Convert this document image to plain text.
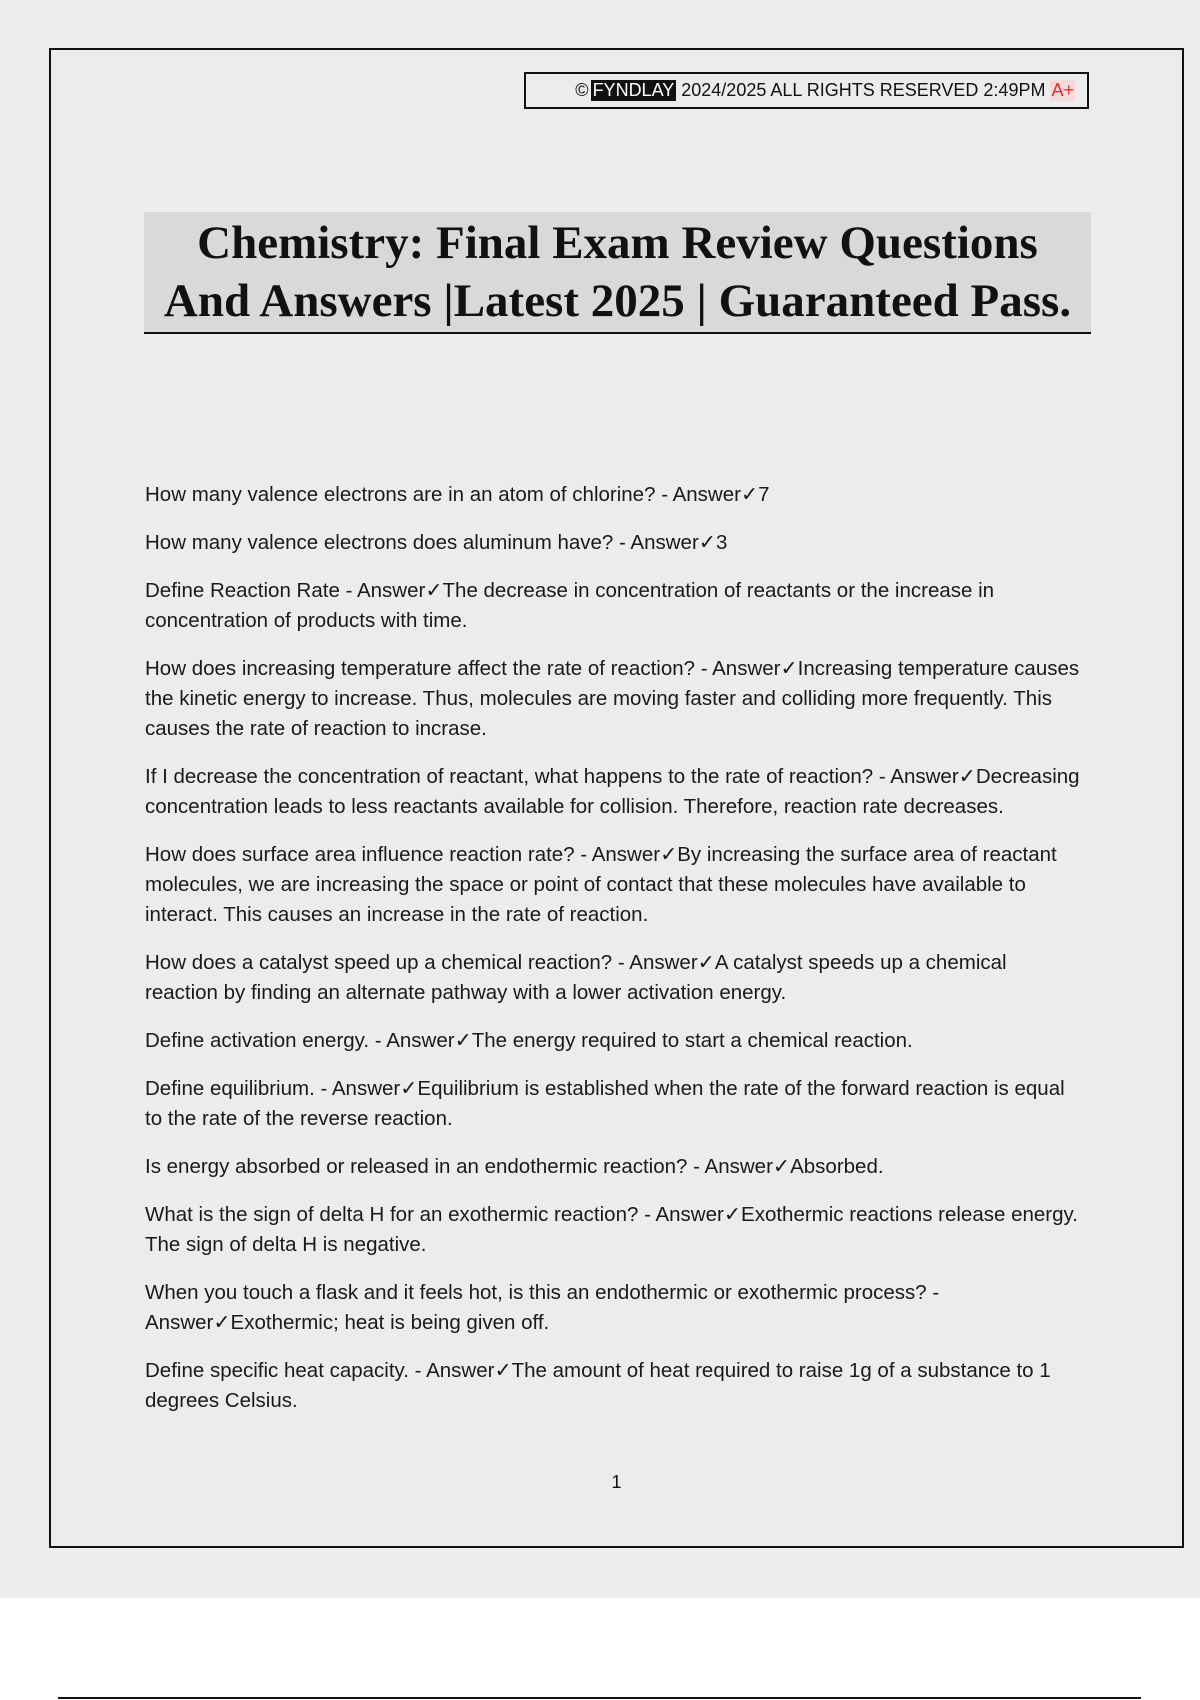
© FYNDLAY
2024/2025 ALL RIGHTS RESERVED 2:49PM A+
Chemistry: Final Exam Review Questions
And Answers |Latest 2025 | Guaranteed Pass.

How many valence electrons are in an atom of chlorine? - Answer✓7

How many valence electrons does aluminum have? - Answer✓3

Define Reaction Rate - Answer✓The decrease in concentration of reactants or the increase in concentration of products with time.

How does increasing temperature affect the rate of reaction? - Answer✓Increasing temperature causes the kinetic energy to increase. Thus, molecules are moving faster and colliding more frequently. This causes the rate of reaction to incrase.

If I decrease the concentration of reactant, what happens to the rate of reaction? - Answer✓Decreasing concentration leads to less reactants available for collision. Therefore, reaction rate decreases.

How does surface area influence reaction rate? - Answer✓By increasing the surface area of reactant molecules, we are increasing the space or point of contact that these molecules have available to interact. This causes an increase in the rate of reaction.

How does a catalyst speed up a chemical reaction? - Answer✓A catalyst speeds up a chemical reaction by finding an alternate pathway with a lower activation energy.

Define activation energy. - Answer✓The energy required to start a chemical reaction.

Define equilibrium. - Answer✓Equilibrium is established when the rate of the forward reaction is equal to the rate of the reverse reaction.

Is energy absorbed or released in an endothermic reaction? - Answer✓Absorbed.

What is the sign of delta H for an exothermic reaction? - Answer✓Exothermic reactions release energy. The sign of delta H is negative.

When you touch a flask and it feels hot, is this an endothermic or exothermic process? - Answer✓Exothermic; heat is being given off.

Define specific heat capacity. - Answer✓The amount of heat required to raise 1g of a substance to 1 degrees Celsius.

1
